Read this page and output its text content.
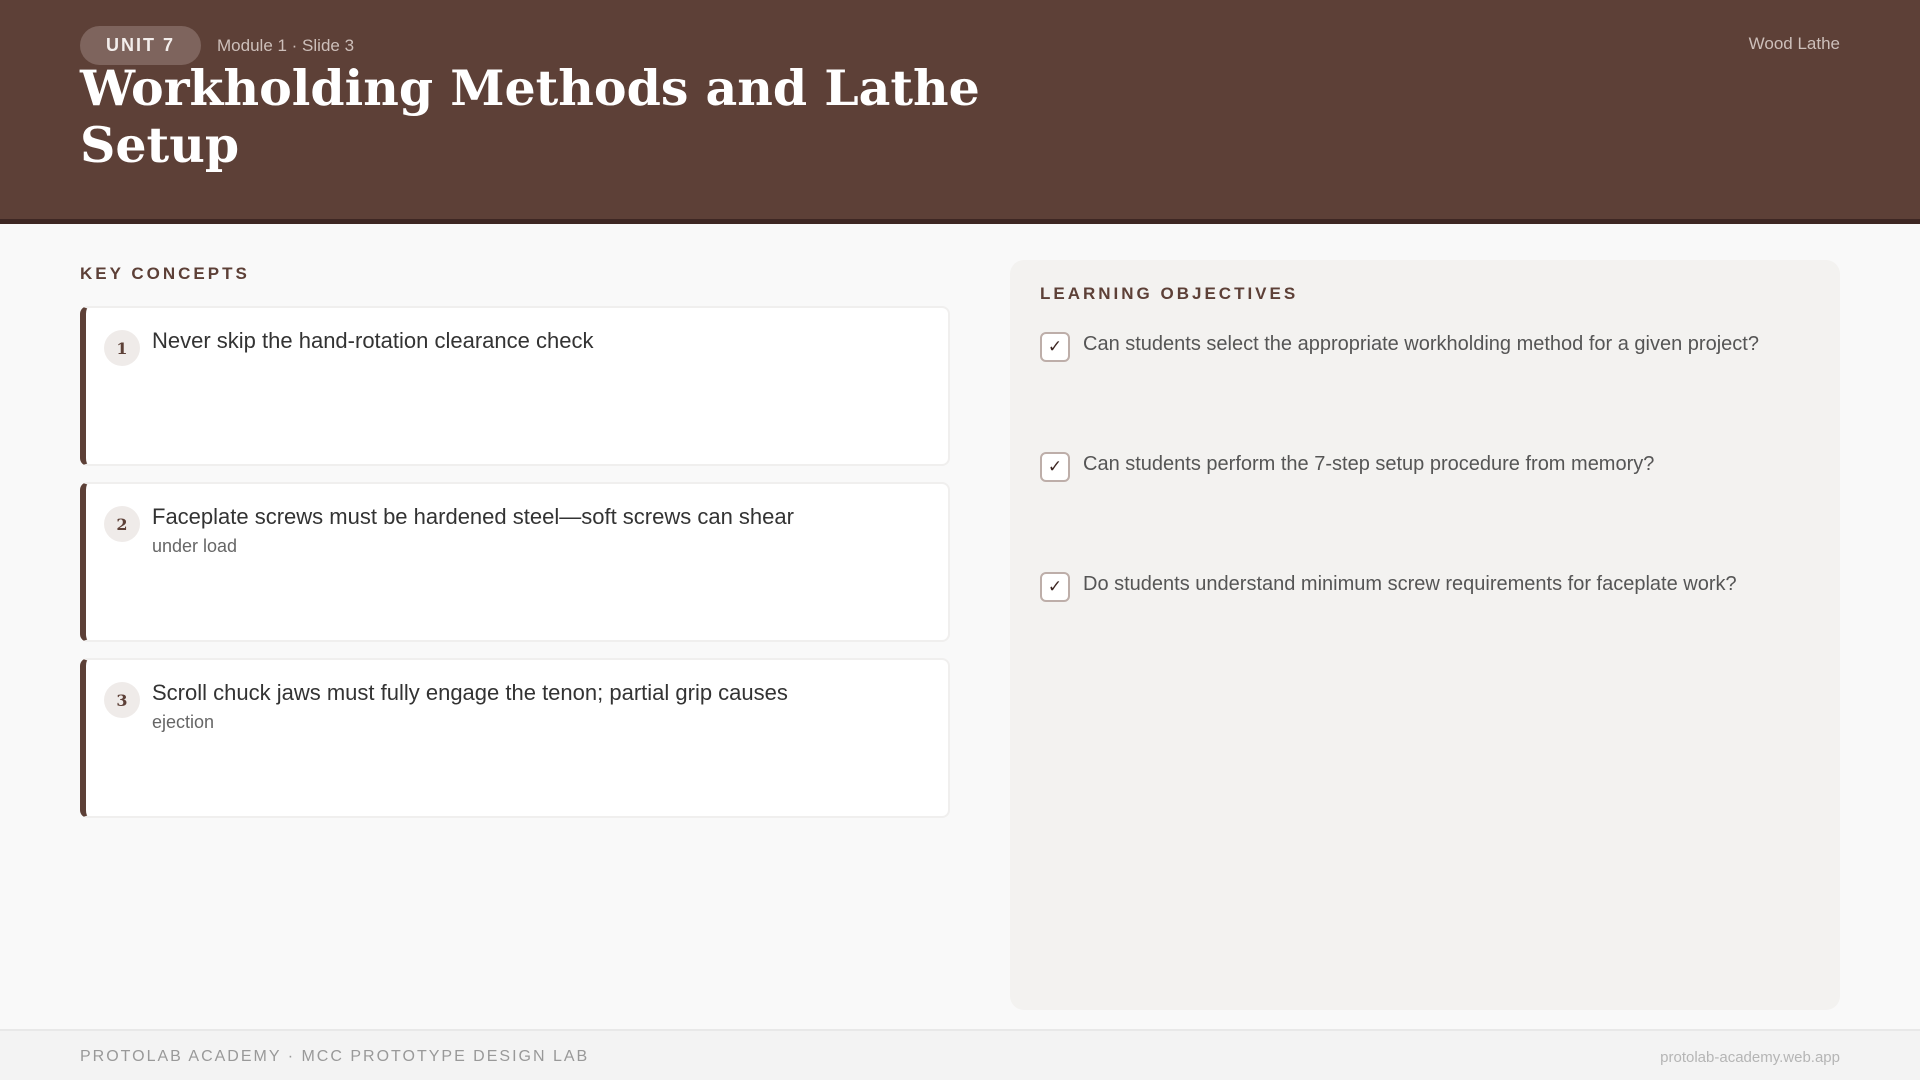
UNIT 7	Module 1 · Slide 3	Wood Lathe
Workholding Methods and Lathe Setup
KEY CONCEPTS
1	Never skip the hand-rotation clearance check
2	Faceplate screws must be hardened steel—soft screws can shear
under load
3	Scroll chuck jaws must fully engage the tenon; partial grip causes
ejection
LEARNING OBJECTIVES
✓	Can students select the appropriate workholding method for a given project?
✓	Can students perform the 7-step setup procedure from memory?
✓	Do students understand minimum screw requirements for faceplate work?
PROTOLAB ACADEMY · MCC PROTOTYPE DESIGN LAB	protolab-academy.web.app
